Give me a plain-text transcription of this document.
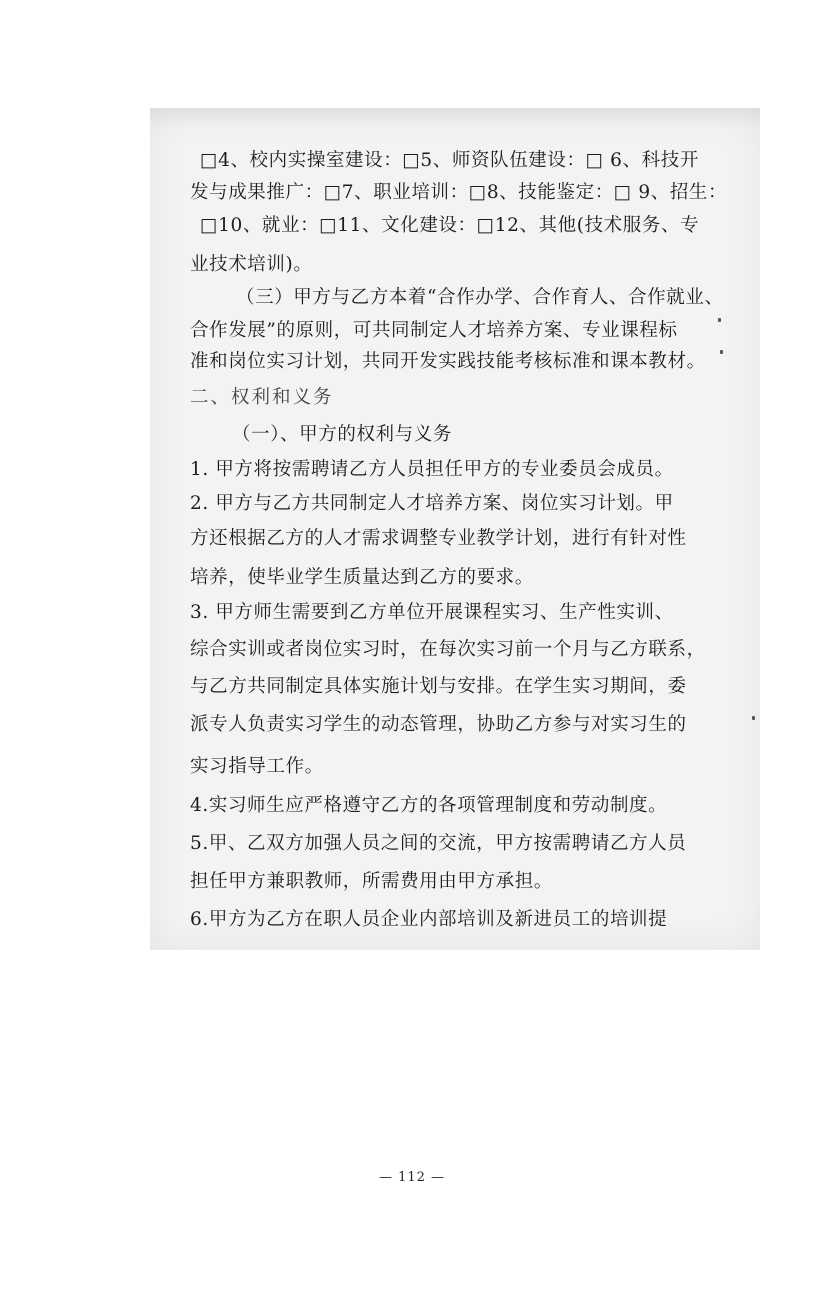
□4、校内实操室建设：□5、师资队伍建设：□ 6、科技开

发与成果推广：□7、职业培训：□8、技能鉴定：□ 9、招生：

□10、就业：□11、文化建设：□12、其他(技术服务、专

业技术培训)。

（三）甲方与乙方本着“合作办学、合作育人、合作就业、

合作发展”的原则，可共同制定人才培养方案、专业课程标

准和岗位实习计划，共同开发实践技能考核标准和课本教材。

二、权利和义务

（一）、甲方的权利与义务

1. 甲方将按需聘请乙方人员担任甲方的专业委员会成员。

2. 甲方与乙方共同制定人才培养方案、岗位实习计划。甲

方还根据乙方的人才需求调整专业教学计划，进行有针对性

培养，使毕业学生质量达到乙方的要求。

3. 甲方师生需要到乙方单位开展课程实习、生产性实训、

综合实训或者岗位实习时，在每次实习前一个月与乙方联系，

与乙方共同制定具体实施计划与安排。在学生实习期间，委

派专人负责实习学生的动态管理，协助乙方参与对实习生的

实习指导工作。

4.实习师生应严格遵守乙方的各项管理制度和劳动制度。

5.甲、乙双方加强人员之间的交流，甲方按需聘请乙方人员

担任甲方兼职教师，所需费用由甲方承担。

6.甲方为乙方在职人员企业内部培训及新进员工的培训提

— 112 —
